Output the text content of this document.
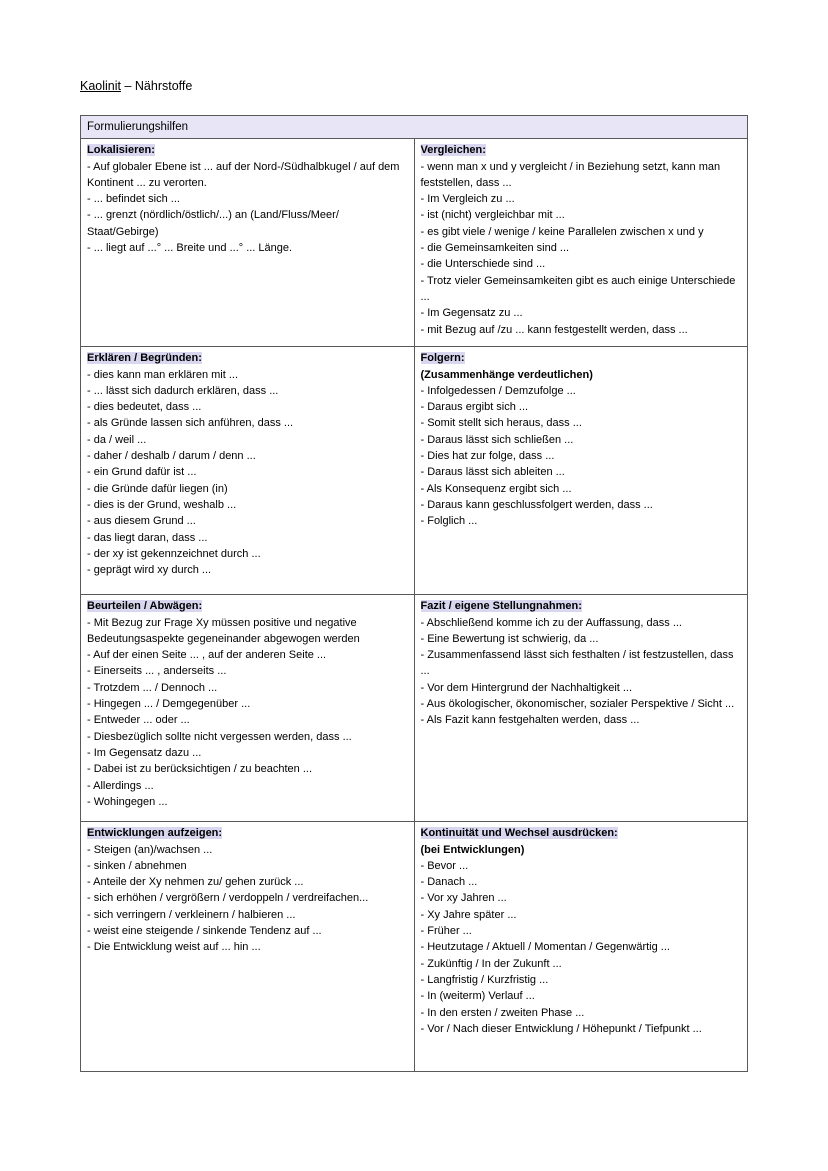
Kaolinit – Nährstoffe
Formulierungshilfen	

Lokalisieren:
- Auf globaler Ebene ist ... auf der Nord-/Südhalbkugel / auf dem Kontinent ... zu verorten.
- ... befindet sich ...
- ... grenzt (nördlich/östlich/...) an (Land/Fluss/Meer/ Staat/Gebirge)
- ... liegt auf ...° ... Breite und ...° ... Länge.

Vergleichen:
- wenn man x und y vergleicht / in Beziehung setzt, kann man feststellen, dass ...
- Im Vergleich zu ...
- ist (nicht) vergleichbar mit ...
- es gibt viele / wenige / keine Parallelen zwischen x und y
- die Gemeinsamkeiten sind ...
- die Unterschiede sind ...
- Trotz vieler Gemeinsamkeiten gibt es auch einige Unterschiede ...
- Im Gegensatz zu ...
- mit Bezug auf /zu ... kann festgestellt werden, dass ...

Erklären / Begründen:
- dies kann man erklären mit ...
- ... lässt sich dadurch erklären, dass ...
- dies bedeutet, dass ...
- als Gründe lassen sich anführen, dass ...
- da / weil ...
- daher / deshalb / darum / denn ...
- ein Grund dafür ist ...
- die Gründe dafür liegen (in)
- dies is der Grund, weshalb ...
- aus diesem Grund ...
- das liegt daran, dass ...
- der xy ist gekennzeichnet durch ...
- geprägt wird xy durch ...

Folgern:
(Zusammenhänge verdeutlichen)
- Infolgedessen / Demzufolge ...
- Daraus ergibt sich ...
- Somit stellt sich heraus, dass ...
- Daraus lässt sich schließen ...
- Dies hat zur folge, dass ...
- Daraus lässt sich ableiten ...
- Als Konsequenz ergibt sich ...
- Daraus kann geschlussfolgert werden, dass ...
- Folglich ...

Beurteilen / Abwägen:
- Mit Bezug zur Frage Xy müssen positive und negative Bedeutungsaspekte gegeneinander abgewogen werden
- Auf der einen Seite ... , auf der anderen Seite ...
- Einerseits ... , anderseits ...
- Trotzdem ... / Dennoch ...
- Hingegen ... / Demgegenüber ...
- Entweder ... oder ...
- Diesbezüglich sollte nicht vergessen werden, dass ...
- Im Gegensatz dazu ...
- Dabei ist zu berücksichtigen / zu beachten ...
- Allerdings ...
- Wohingegen ...

Fazit / eigene Stellungnahmen:
- Abschließend komme ich zu der Auffassung, dass ...
- Eine Bewertung ist schwierig, da ...
- Zusammenfassend lässt sich festhalten / ist festzustellen, dass ...
- Vor dem Hintergrund der Nachhaltigkeit ...
- Aus ökologischer, ökonomischer, sozialer Perspektive / Sicht ...
- Als Fazit kann festgehalten werden, dass ...

Entwicklungen aufzeigen:
- Steigen (an)/wachsen ...
- sinken / abnehmen
- Anteile der Xy nehmen zu/ gehen zurück ...
- sich erhöhen / vergrößern / verdoppeln / verdreifachen...
- sich verringern / verkleinern / halbieren ...
- weist eine steigende / sinkende Tendenz auf ...
- Die Entwicklung weist auf ... hin ...

Kontinuität und Wechsel ausdrücken:
(bei Entwicklungen)
- Bevor ...
- Danach ...
- Vor xy Jahren ...
- Xy Jahre später ...
- Früher ...
- Heutzutage / Aktuell / Momentan / Gegenwärtig ...
- Zukünftig / In der Zukunft ...
- Langfristig / Kurzfristig ...
- In (weiterm) Verlauf ...
- In den ersten / zweiten Phase ...
- Vor / Nach dieser Entwicklung / Höhepunkt / Tiefpunkt ...
